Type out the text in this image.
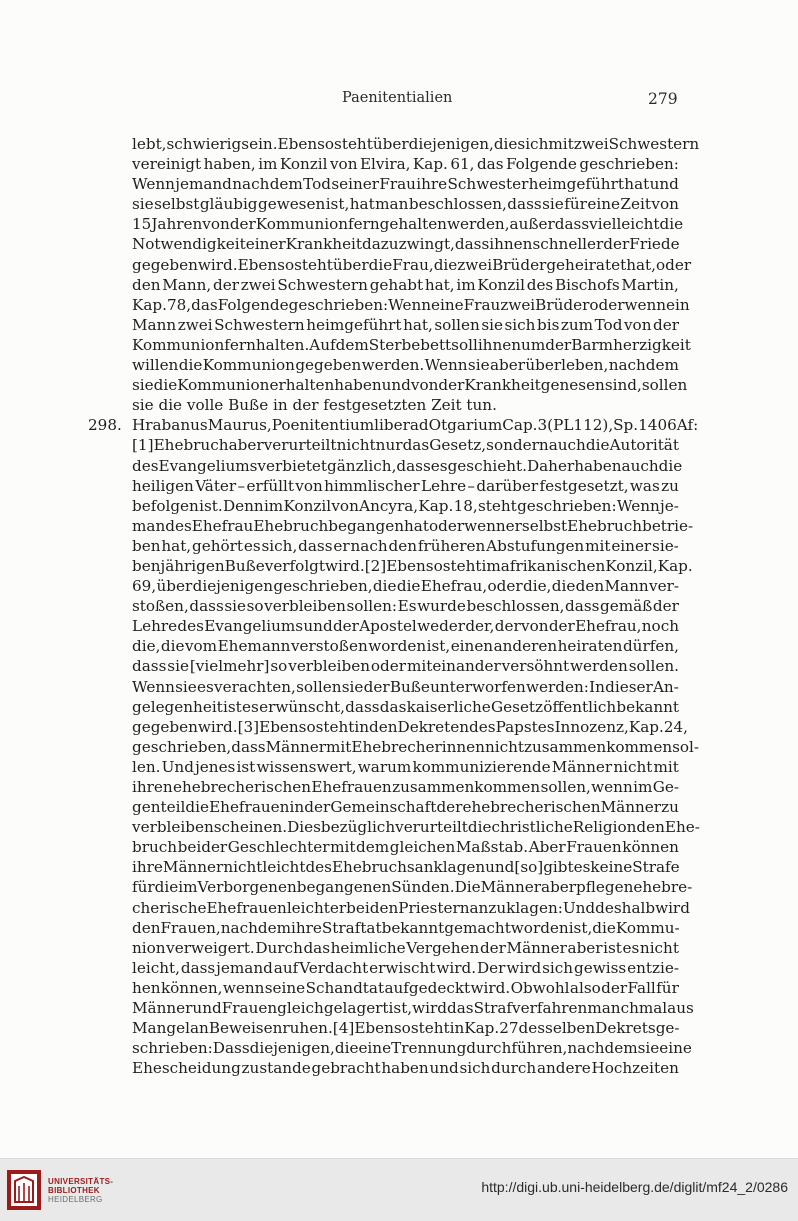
Paenitentialien	279
298.
lebt, schwierig sein. Ebenso steht über diejenigen, die sich mit zwei Schwestern
vereinigt haben, im Konzil von Elvira, Kap. 61, das Folgende geschrieben:
Wenn jemand nach dem Tod seiner Frau ihre Schwester heimgeführt hat und
sie selbst gläubig gewesen ist, hat man beschlossen, dass sie für eine Zeit von
15 Jahren von der Kommunion ferngehalten werden, außer dass vielleicht die
Notwendigkeit einer Krankheit dazu zwingt, dass ihnen schneller der Friede
gegeben wird. Ebenso steht über die Frau, die zwei Brüder geheiratet hat, oder
den Mann, der zwei Schwestern gehabt hat, im Konzil des Bischofs Martin,
Kap. 78, das Folgende geschrieben: Wenn eine Frau zwei Brüder oder wenn ein
Mann zwei Schwestern heimgeführt hat, sollen sie sich bis zum Tod von der
Kommunion fernhalten. Auf dem Sterbebett soll ihnen um der Barmherzigkeit
willen die Kommunion gegeben werden. Wenn sie aber überleben, nachdem
sie die Kommunion erhalten haben und von der Krankheit genesen sind, sollen
sie die volle Buße in der festgesetzten Zeit tun.
Hrabanus Maurus, Poenitentium liber ad Otgarium Cap. 3 (PL 112), Sp. 1406Af:
[1] Ehebruch aber verurteilt nicht nur das Gesetz, sondern auch die Autorität
des Evangeliums verbietet gänzlich, dass es geschieht. Daher haben auch die
heiligen Väter – erfüllt von himmlischer Lehre – darüber festgesetzt, was zu
befolgen ist. Denn im Konzil von Ancyra, Kap. 18, steht geschrieben: Wenn je-
mandes Ehefrau Ehebruch begangen hat oder wenn er selbst Ehebruch betrie-
ben hat, gehört es sich, dass er nach den früheren Abstufungen mit einer sie-
benjährigen Buße verfolgt wird. [2] Ebenso steht im afrikanischen Konzil, Kap.
69, über diejenigen geschrieben, die die Ehefrau, oder die, die den Mann ver-
stoßen, dass sie so verbleiben sollen: Es wurde beschlossen, dass gemäß der
Lehre des Evangeliums und der Apostel weder der, der von der Ehefrau, noch
die, die vom Ehemann verstoßen worden ist, einen anderen heiraten dürfen,
dass sie [vielmehr] so verbleiben oder miteinander versöhnt werden sollen.
Wenn sie es verachten, sollen sie der Buße unterworfen werden: In dieser An-
gelegenheit ist es erwünscht, dass das kaiserliche Gesetz öffentlich bekannt
gegeben wird. [3] Ebenso steht in den Dekreten des Papstes Innozenz, Kap. 24,
geschrieben, dass Männer mit Ehebrecherinnen nicht zusammenkommen sol-
len. Und jenes ist wissenswert, warum kommunizierende Männer nicht mit
ihren ehebrecherischen Ehefrauen zusammenkommen sollen, wenn im Ge-
genteil die Ehefrauen in der Gemeinschaft der ehebrecherischen Männer zu
verbleiben scheinen. Diesbezüglich verurteilt die christliche Religion den Ehe-
bruch beider Geschlechter mit dem gleichen Maßstab. Aber Frauen können
ihre Männer nicht leicht des Ehebruchs anklagen und [so] gibt es keine Strafe
für die im Verborgenen begangenen Sünden. Die Männer aber pflegen ehebre-
cherische Ehefrauen leichter bei den Priestern anzuklagen: Und deshalb wird
den Frauen, nachdem ihre Straftat bekannt gemacht worden ist, die Kommu-
nion verweigert. Durch das heimliche Vergehen der Männer aber ist es nicht
leicht, dass jemand auf Verdacht erwischt wird. Der wird sich gewiss entzie-
hen können, wenn seine Schandtat aufgedeckt wird. Obwohl also der Fall für
Männer und Frauen gleich gelagert ist, wird das Strafverfahren manchmal aus
Mangel an Beweisen ruhen. [4] Ebenso steht in Kap. 27 desselben Dekrets ge-
schrieben: Dass diejenigen, die eine Trennung durchführen, nachdem sie eine
Ehescheidung zustande gebracht haben und sich durch andere Hochzeiten
UNIVERSITÄTS-
BIBLIOTHEK
HEIDELBERG
http://digi.ub.uni-heidelberg.de/diglit/mf24_2/0286
